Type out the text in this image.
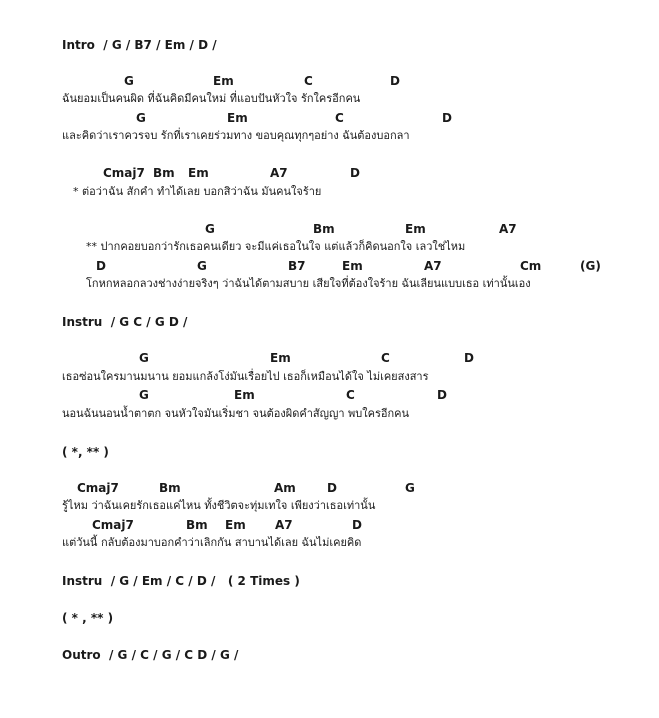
Intro  / G / B7 / Em / D /
G	Em	C	D
ฉันยอมเป็นคนผิด ที่ฉันคิดมีคนใหม่ ที่แอบปันหัวใจ รักใครอีกคน
G	Em	C	D
และคิดว่าเราควรจบ รักที่เราเคยร่วมทาง ขอบคุณทุกๆอย่าง ฉันต้องบอกลา
Cmaj7 Bm Em	A7	D
* ต่อว่าฉัน สักคำ ทำได้เลย บอกสิว่าฉัน มันคนใจร้าย
G	Bm	Em	A7
** ปากคอยบอกว่ารักเธอคนเดียว จะมีแค่เธอในใจ แต่แล้วก็คิดนอกใจ เลวใช่ไหม
D	G	B7	Em	A7	Cm	(G)
โกหกหลอกลวงช่างง่ายจริงๆ ว่าฉันได้ตามสบาย เสียใจที่ต้องใจร้าย ฉันเลียนแบบเธอ เท่านั้นเอง
Instru  / G C / G D /
G	Em	C	D
เธอซ่อนใครมานมนาน ยอมแกล้งโง่มันเรื่อยไป เธอก็เหมือนได้ใจ ไม่เคยสงสาร
G	Em	C	D
นอนฉันนอนน้ำตาตก จนหัวใจมันเริ่มชา จนต้องผิดคำสัญญา พบใครอีกคน
( *, ** )
Cmaj7	Bm	Am	D	G
รู้ไหม ว่าฉันเคยรักเธอแค่ไหน ทั้งชีวิตจะทุ่มเทใจ เพียงว่าเธอเท่านั้น
Cmaj7	Bm Em A7	D
แต่วันนี้ กลับต้องมาบอกคำว่าเลิกกัน สาบานได้เลย ฉันไม่เคยคิด
Instru  / G / Em / C / D /   ( 2 Times )
( * , ** )
Outro  / G / C / G / C D / G /
